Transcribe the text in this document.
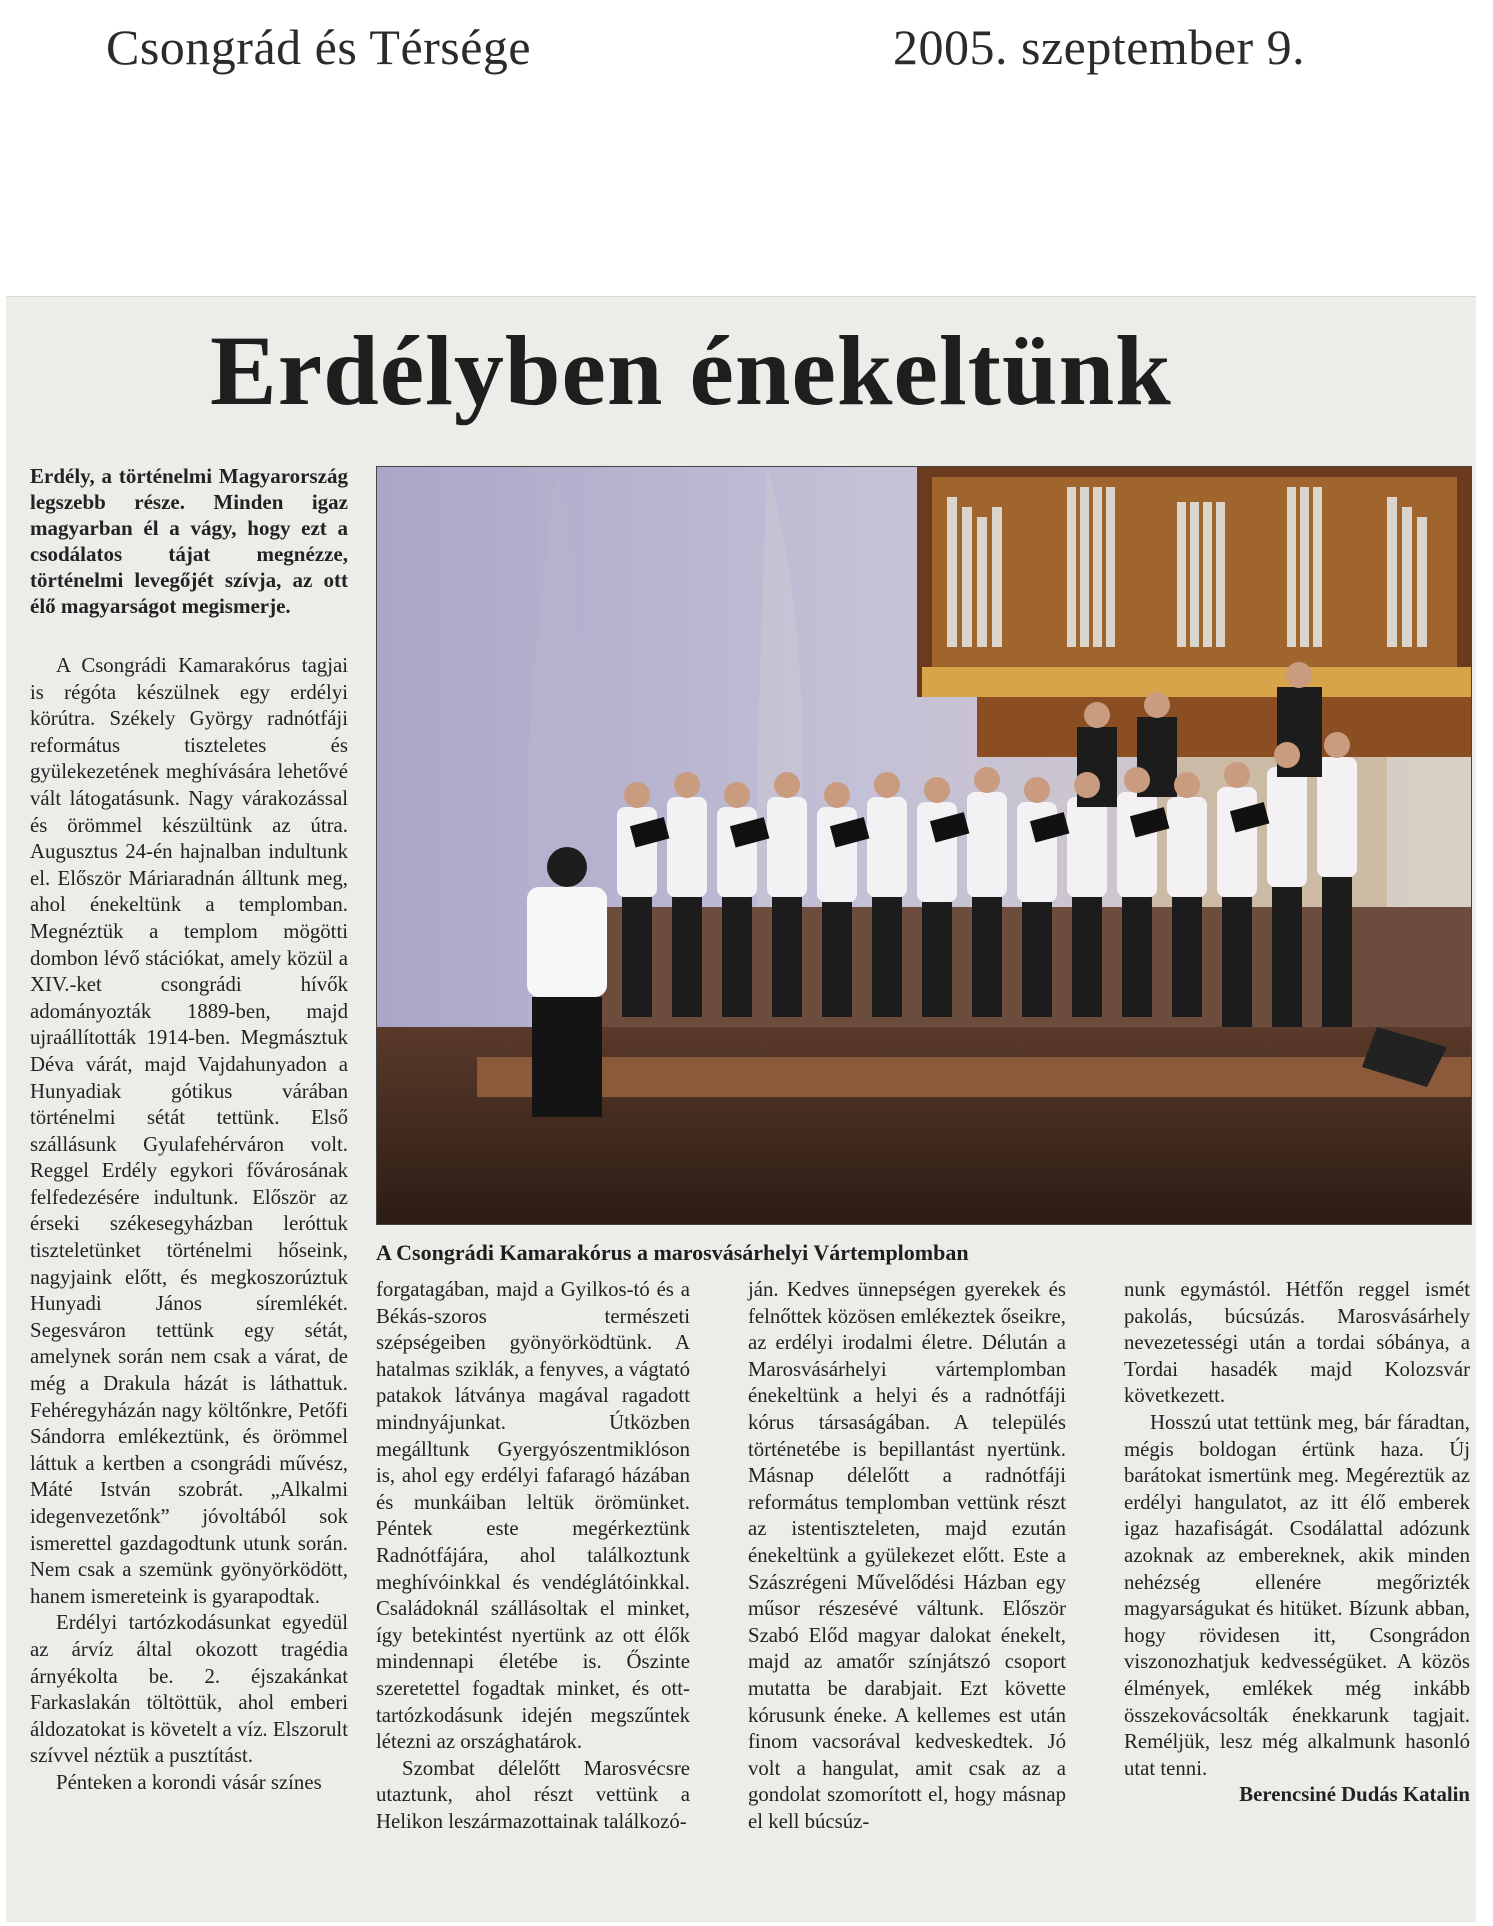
Csongrád és Térsége	2005. szeptember 9.
Erdélyben énekeltünk

Erdély, a történelmi Magyarország legszebb része. Minden igaz magyarban él a vágy, hogy ezt a csodálatos tájat megnézze, történelmi levegőjét szívja, az ott élő magyarságot megismerje.

A Csongrádi Kamarakórus tagjai is régóta készülnek egy erdélyi körútra. Székely György radnótfáji református tiszteletes és gyülekezetének meghívására lehetővé vált látogatásunk. Nagy várakozással és örömmel készültünk az útra. Augusztus 24-én hajnalban indultunk el. Először Máriaradnán álltunk meg, ahol énekeltünk a templomban. Megnéztük a templom mögötti dombon lévő stációkat, amely közül a XIV.-ket csongrádi hívők adományozták 1889-ben, majd ujraállították 1914-ben. Megmásztuk Déva várát, majd Vajdahunyadon a Hunyadiak gótikus várában történelmi sétát tettünk. Első szállásunk Gyulafehérváron volt. Reggel Erdély egykori fővárosának felfedezésére indultunk. Először az érseki székesegyházban leróttuk tiszteletünket történelmi hőseink, nagyjaink előtt, és megkoszorúztuk Hunyadi János síremlékét. Segesváron tettünk egy sétát, amelynek során nem csak a várat, de még a Drakula házát is láthattuk. Fehéregyházán nagy költőnkre, Petőfi Sándorra emlékeztünk, és örömmel láttuk a kertben a csongrádi művész, Máté István szobrát. „Alkalmi idegenvezetőnk” jóvoltából sok ismerettel gazdagodtunk utunk során. Nem csak a szemünk gyönyörködött, hanem ismereteink is gyarapodtak.

Erdélyi tartózkodásunkat egyedül az árvíz által okozott tragédia árnyékolta be. 2. éjszakánkat Farkaslakán töltöttük, ahol emberi áldozatokat is követelt a víz. Elszorult szívvel néztük a pusztítást.

Pénteken a korondi vásár színes

A Csongrádi Kamarakórus a marosvásárhelyi Vártemplomban

forgatagában, majd a Gyilkos-tó és a Békás-szoros természeti szépségeiben gyönyörködtünk. A hatalmas sziklák, a fenyves, a vágtató patakok látványa magával ragadott mindnyájunkat. Útközben megálltunk Gyergyószentmiklóson is, ahol egy erdélyi fafaragó házában és munkáiban leltük örömünket. Péntek este megérkeztünk Radnótfájára, ahol találkoztunk meghívóinkkal és vendéglátóinkkal. Családoknál szállásoltak el minket, így betekintést nyertünk az ott élők mindennapi életébe is. Őszinte szeretettel fogadtak minket, és ott-tartózkodásunk idején megszűntek létezni az országhatárok.

Szombat délelőtt Marosvécsre utaztunk, ahol részt vettünk a Helikon leszármazottainak találkozó-

ján. Kedves ünnepségen gyerekek és felnőttek közösen emlékeztek őseikre, az erdélyi irodalmi életre. Délután a Marosvásárhelyi vártemplomban énekeltünk a helyi és a radnótfáji kórus társaságában. A település történetébe is bepillantást nyertünk. Másnap délelőtt a radnótfáji református templomban vettünk részt az istentiszteleten, majd ezután énekeltünk a gyülekezet előtt. Este a Szászrégeni Művelődési Házban egy műsor részesévé váltunk. Először Szabó Előd magyar dalokat énekelt, majd az amatőr színjátszó csoport mutatta be darabjait. Ezt követte kórusunk éneke. A kellemes est után finom vacsorával kedveskedtek. Jó volt a hangulat, amit csak az a gondolat szomorított el, hogy másnap el kell búcsúz-

nunk egymástól. Hétfőn reggel ismét pakolás, búcsúzás. Marosvásárhely nevezetességi után a tordai sóbánya, a Tordai hasadék majd Kolozsvár következett.

Hosszú utat tettünk meg, bár fáradtan, mégis boldogan értünk haza. Új barátokat ismertünk meg. Megéreztük az erdélyi hangulatot, az itt élő emberek igaz hazafiságát. Csodálattal adózunk azoknak az embereknek, akik minden nehézség ellenére megőrizték magyarságukat és hitüket. Bízunk abban, hogy rövidesen itt, Csongrádon viszonozhatjuk kedvességüket. A közös élmények, emlékek még inkább összekovácsolták énekkarunk tagjait. Reméljük, lesz még alkalmunk hasonló utat tenni.

Berencsiné Dudás Katalin
